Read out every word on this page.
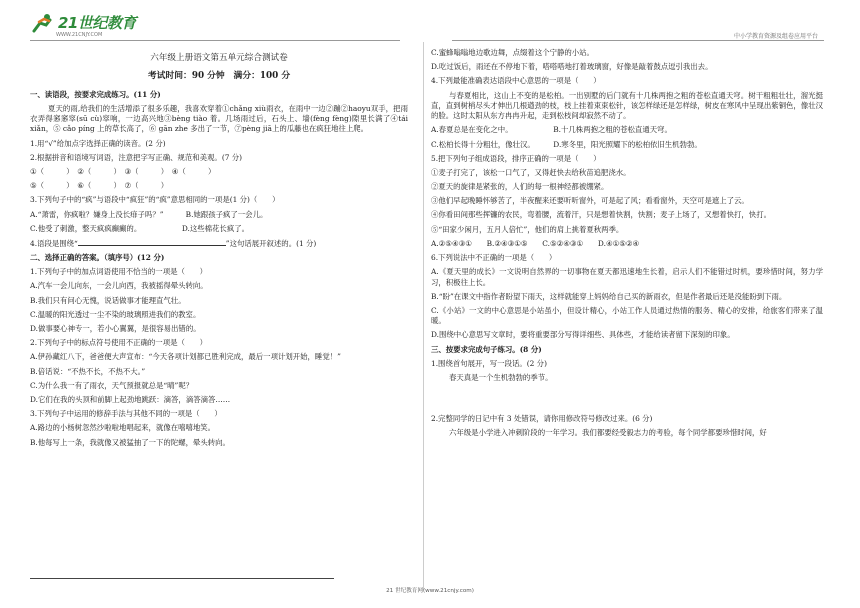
21世纪教育
WWW.21CNJY.COM	中小学教育资源及组卷应用平台

六年级上册语文第五单元综合测试卷

考试时间：90 分钟　满分：100 分

一、读语段，按要求完成练习。(11 分)

夏天的雨,给我们的生活增添了很多乐趣，我喜欢穿着①chǎng xiù雨衣，在雨中一边②蹦②haoyu双手，把雨衣弄得窸窸窣(sū cù)窣响，一边高兴地③bèng tiào 着。几场雨过后，石头上、墙(fèng fèng)隙里长满了④tái xiǎn，⑤ cǎo píng 上的草长高了，⑥ gān zhe 多出了一节，⑦pèng jiā上的瓜藤也在疯狂地往上爬。

1.用“√”给加点字选择正确的读音。(2 分)

2.根据拼音和语境写词语，注意把字写正确、规范和美观。(7 分)

①（　　　）　②（　　　）　③（　　　）　④（　　　）

⑤（　　　）　⑥（　　　）　⑦（　　　）

3.下列句子中的“疯”与语段中“疯狂”的“疯”意思相同的一项是(1 分)（　　）

A.“萧雷，你疯啦？嫌身上没长痱子吗？”　　　B.她跟孩子疯了一会儿。

C.他受了刺激，整天疯疯癫癫的。　　　　　　D.这些棉花长疯了。

4.语段是围绕“	”这句话展开叙述的。(1 分)

二、选择正确的答案。（填序号）(12 分)

1.下列句子中的加点词语使用不恰当的一项是（　　）

A.汽车一会儿向东，一会儿向西，我被摇得晕头转向。

B.我们只有问心无愧，说话做事才能理直气壮。

C.温暖的阳光透过一尘不染的玻璃照进我们的教室。

D.做事要心神专一，若小心翼翼，是很容易出错的。

2.下列句子中的标点符号使用不正确的一项是（　　）

A.伊孙藏红八下，爸爸便大声宣布：“今天各项计划都已胜利完成，最后一项计划开始，睡觉！”

B.倍话说：“不热不长，不热不大。”

C.为什么我一有了雨衣，天气预报就总是“晴”呢？

D.它们在我的头顶和前脚上起劲地跳跃：滴答，滴答滴答……

3.下列句子中运用的修辞手法与其他不同的一项是（　　）

A.路边的小杨树忽然沙啦啦地唱起来，就像在嘻嘻地笑。

B.他每写上一条，我就像又被猛抽了一下的陀螺，晕头转向。

C.蜜蜂嗡嗡地边歌边舞，点缀着这个宁静的小站。

D.吃过饭后，雨还在不停地下着，嗒嗒嗒地打着玻璃窗，好像是敲着鼓点逗引我出去。

4.下列最能准确表达语段中心意思的一项是（　　）

与春夏相比，这山上不变的是松柏。一出别墅的后门就有十几株两抱之粗的苍松直通天穹。树干粗粗壮壮，溜光挺直，直到树梢尽头才伸出几根遒劲的枝，枝上挂着束束松针，该怎样绿还是怎样绿，树皮在寒风中呈现出紫铜色，像壮汉的脸。这时太阳从东方冉冉升起，走到松枝间却寂然不动了。

A.春夏总是在变化之中。　　　　　　B.十几株两抱之粗的苍松直通天穹。

C.松柏长得十分粗壮，像壮汉。　　　D.寒冬里，阳光照耀下的松柏依旧生机勃勃。

5.把下列句子组成语段，排序正确的一项是（　　）

①麦子打完了，该松一口气了，又得赶快去给秋苗追肥浇水。

②夏天的旋律是紧张的，人们的每一根神经都被绷紧。

③他们早起晚睡怀够苦了，半夜醒来还要听听窗外，可是起了风；看看窗外，天空可是遮上了云。

④你看田间那些挥镰的农民，弯着腰，流着汗，只是想着快割，快割；麦子上场了，又想着快打，快打。

⑤“田家少闲月，五月人倍忙”，他们的肩上挑着夏秋两季。

A.②⑤④③①　　B.②④③①⑤　　C.⑤②④③①　　D.④①⑤②④

6.下列说法中不正确的一项是（　　）

A.《夏天里的成长》一文说明自然界的一切事物在夏天都迅速地生长着，启示人们不能错过时机，要珍惜时间，努力学习，积极往上长。

B.“盼”在课文中指作者盼望下雨天，这样就能穿上妈妈给自己买的新雨衣，但是作者最后还是没能盼到下雨。

C.《小站》一文的中心意思是小站虽小，但设计精心，小站工作人员通过热情的服务、精心的安排，给旅客们带来了温暖。

D.围绕中心意思写文章时，要将重要部分写得详细些、具体些，才能给读者留下深刻的印象。

三、按要求完成句子练习。(8 分)

1.围绕首句展开，写一段话。(2 分)

春天真是一个生机勃勃的季节。

2.完整同学的日记中有 3 处错误，请你用修改符号修改过来。(6 分)

六年级是小学进入冲刺阶段的一年学习。我们都要经受毅志力的考验，每个同学都要珍惜时间，好

21 世纪教育网(www.21cnjy.com)
